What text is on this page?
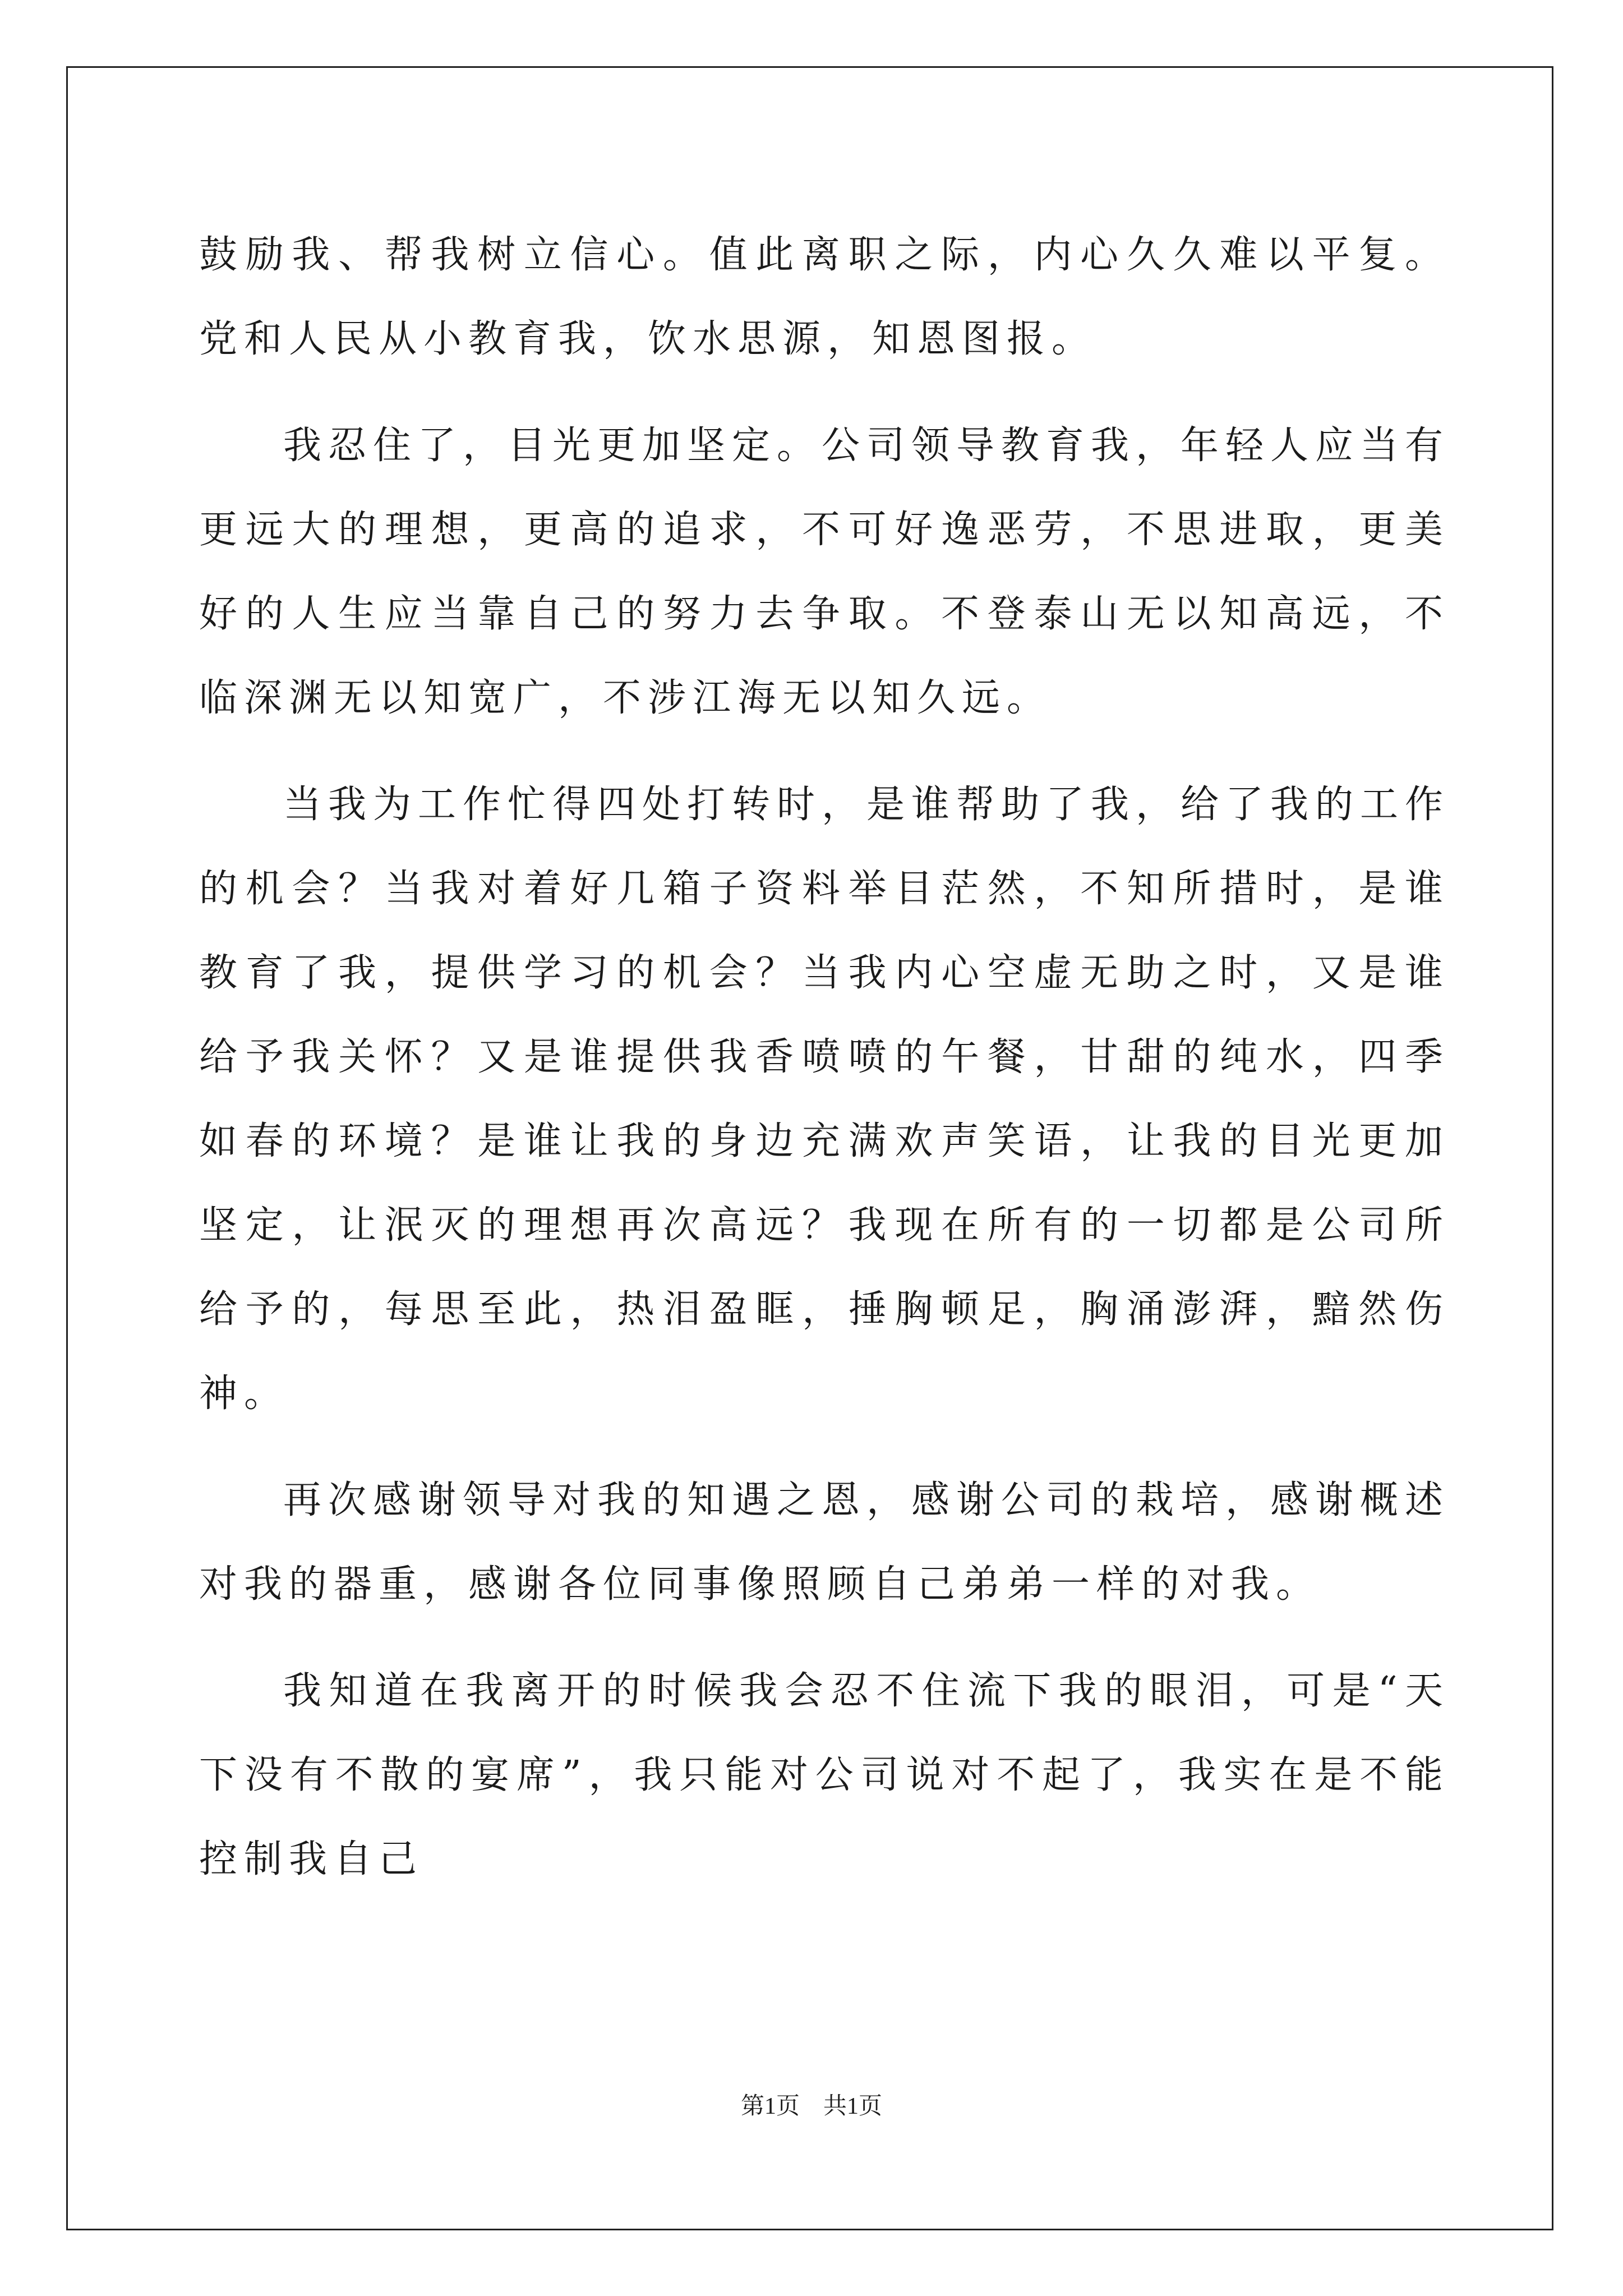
鼓励我、帮我树立信心。值此离职之际，内心久久难以平复。党和人民从小教育我，饮水思源，知恩图报。

我忍住了，目光更加坚定。公司领导教育我，年轻人应当有更远大的理想，更高的追求，不可好逸恶劳，不思进取，更美好的人生应当靠自己的努力去争取。不登泰山无以知高远，不临深渊无以知宽广，不涉江海无以知久远。

当我为工作忙得四处打转时，是谁帮助了我，给了我的工作的机会？当我对着好几箱子资料举目茫然，不知所措时，是谁教育了我，提供学习的机会？当我内心空虚无助之时，又是谁给予我关怀？又是谁提供我香喷喷的午餐，甘甜的纯水，四季如春的环境？是谁让我的身边充满欢声笑语，让我的目光更加坚定，让泯灭的理想再次高远？我现在所有的一切都是公司所给予的，每思至此，热泪盈眶，捶胸顿足，胸涌澎湃，黯然伤神。

再次感谢领导对我的知遇之恩，感谢公司的栽培，感谢概述对我的器重，感谢各位同事像照顾自己弟弟一样的对我。

我知道在我离开的时候我会忍不住流下我的眼泪，可是“天下没有不散的宴席”，我只能对公司说对不起了，我实在是不能控制我自己

第1页　共1页
